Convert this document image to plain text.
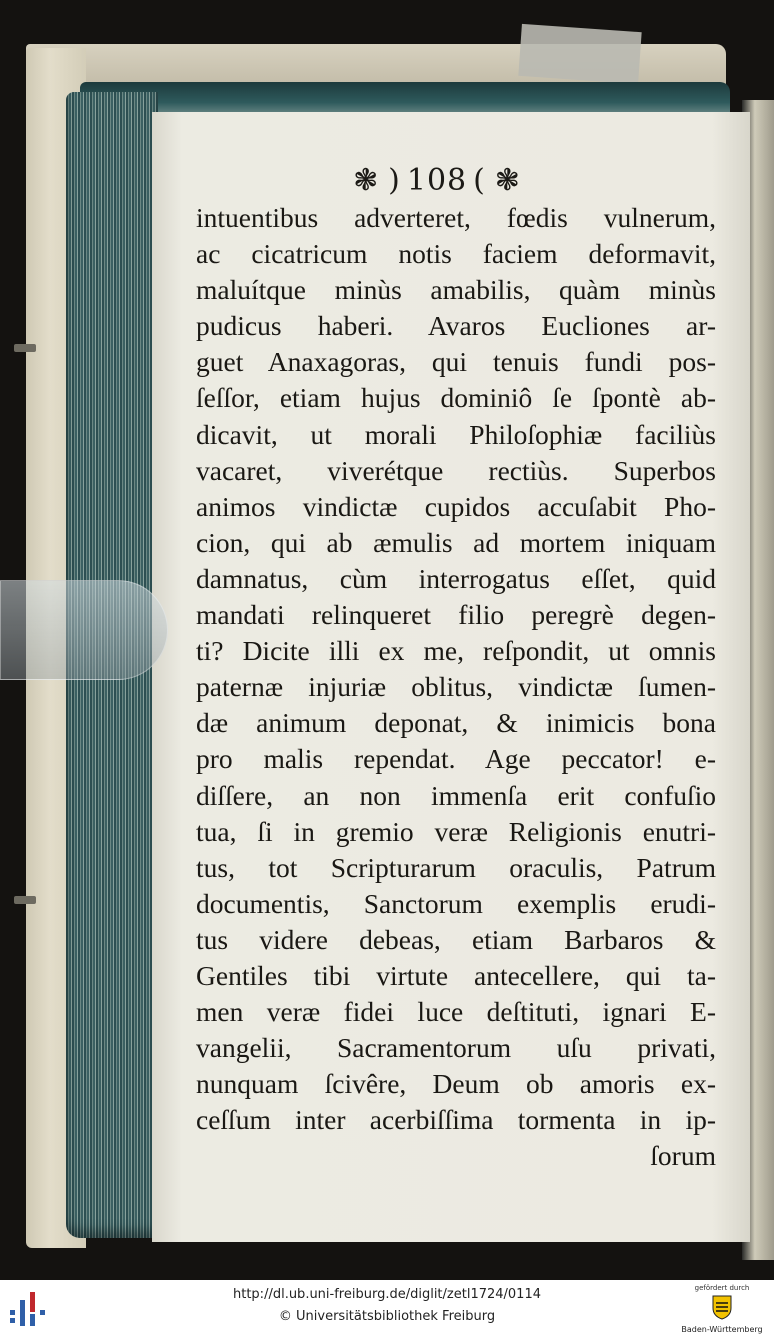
❃ ) 108 ( ❃
intuentibus adverteret, fœdis vulnerum,
ac cicatricum notis faciem deformavit,
maluítque minùs amabilis, quàm minùs
pudicus haberi. Avaros Eucliones ar-
guet Anaxagoras, qui tenuis fundi pos-
ſeſſor, etiam hujus dominiô ſe ſpontè ab-
dicavit, ut morali Philoſophiæ faciliùs
vacaret, viverétque rectiùs. Superbos
animos vindictæ cupidos accuſabit Pho-
cion, qui ab æmulis ad mortem iniquam
damnatus, cùm interrogatus eſſet, quid
mandati relinqueret filio peregrè degen-
ti? Dicite illi ex me, reſpondit, ut omnis
paternæ injuriæ oblitus, vindictæ ſumen-
dæ animum deponat, & inimicis bona
pro malis rependat. Age peccator! e-
diſſere, an non immenſa erit confuſio
tua, ſi in gremio veræ Religionis enutri-
tus, tot Scripturarum oraculis, Patrum
documentis, Sanctorum exemplis erudi-
tus videre debeas, etiam Barbaros &
Gentiles tibi virtute antecellere, qui ta-
men veræ fidei luce deſtituti, ignari E-
vangelii, Sacramentorum uſu privati,
nunquam ſcivêre, Deum ob amoris ex-
ceſſum inter acerbiſſima tormenta in ip-
ſorum
http://dl.ub.uni-freiburg.de/diglit/zetl1724/0114
© Universitätsbibliothek Freiburg
gefördert durch
Baden-Württemberg
